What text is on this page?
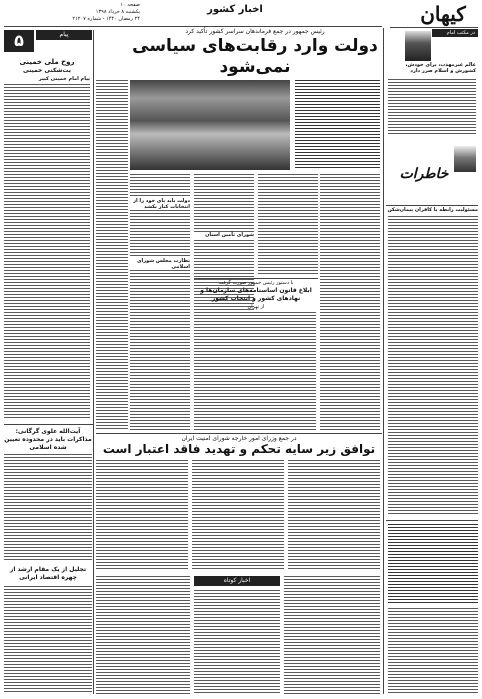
کیهان
در مکتب امام
عالم غیرمهذب، برای خودش، کشورش و اسلام ضرر دارد
خاطرات
مسئولیت رابطه با کافران پیمان‌شکن
اخبار کشور
۵
صفحه ۱۰
یکشنبه ۸ خرداد ۱۳۹۸
۲۴ رمضان ۱۴۴۰ - شماره ۲۱۲۰۷
رئیس جمهور در جمع فرماندهان سراسر کشور تأکید کرد
دولت وارد رقابت‌های سیاسی نمی‌شود
پیام
روح ملی خمینی
بت‌شکنی خمینی
پیام امام خمینی کبیر
دولت باید پای خود را از انتخابات کنار بکشد
نظارت مجلس شورای اسلامی
شورای تأمین استان
با دستور رئیس جمهور صورت گرفت
ابلاغ قانون اساسنامه‌های سازمان‌ها و نهادهای کشور و انتخاب کشور
از تهران
در جمع وزرای امور خارجه شورای امنیت ایران
توافق زیر سایه تحکم و تهدید فاقد اعتبار است
اخبار کوتاه
آیت‌الله علوی گرگانی:
مذاکرات باید در محدوده تعیین شده اسلامی
تجلیل از یک مقام ارشد از چهره اقتصاد ایرانی
